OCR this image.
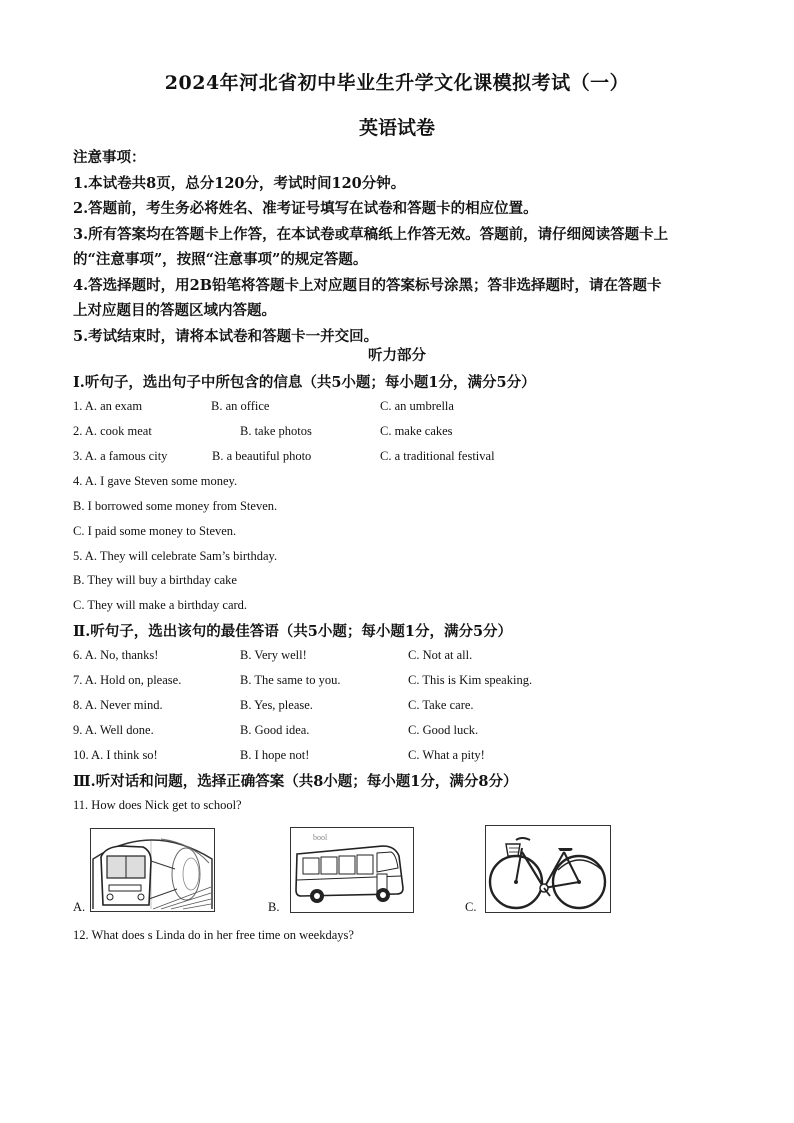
2024年河北省初中毕业生升学文化课模拟考试（一）
英语试卷
注意事项：
1.本试卷共8页，总分120分，考试时间120分钟。
2.答题前，考生务必将姓名、准考证号填写在试卷和答题卡的相应位置。
3.所有答案均在答题卡上作答，在本试卷或草稿纸上作答无效。答题前，请仔细阅读答题卡上
的“注意事项”，按照“注意事项”的规定答题。
4.答选择题时，用2B铅笔将答题卡上对应题目的答案标号涂黑；答非选择题时，请在答题卡
上对应题目的答题区域内答题。
5.考试结束时，请将本试卷和答题卡一并交回。
听力部分
Ⅰ.听句子，选出句子中所包含的信息（共5小题；每小题1分，满分5分）
1. A. an exam	B. an office	C. an umbrella
2. A. cook meat	B. take photos	C. make cakes
3. A. a famous city	B. a beautiful photo	C. a traditional festival
4. A. I gave Steven some money.
B. I borrowed some money from Steven.
C. I paid some money to Steven.
5. A. They will celebrate Sam’s birthday.
B. They will buy a birthday cake
C. They will make a birthday card.
Ⅱ.听句子，选出该句的最佳答语（共5小题；每小题1分，满分5分）
6. A. No, thanks!	B. Very well!	C. Not at all.
7. A. Hold on, please.	B. The same to you.	C. This is Kim speaking.
8. A. Never mind.	B. Yes, please.	C. Take care.
9. A. Well done.	B. Good idea.	C. Good luck.
10. A. I think so!	B. I hope not!	C. What a pity!
Ⅲ.听对话和问题，选择正确答案（共8小题；每小题1分，满分8分）
11. How does Nick get to school?
A.	B.
bool
C.
12. What does s Linda do in her free time on weekdays?
